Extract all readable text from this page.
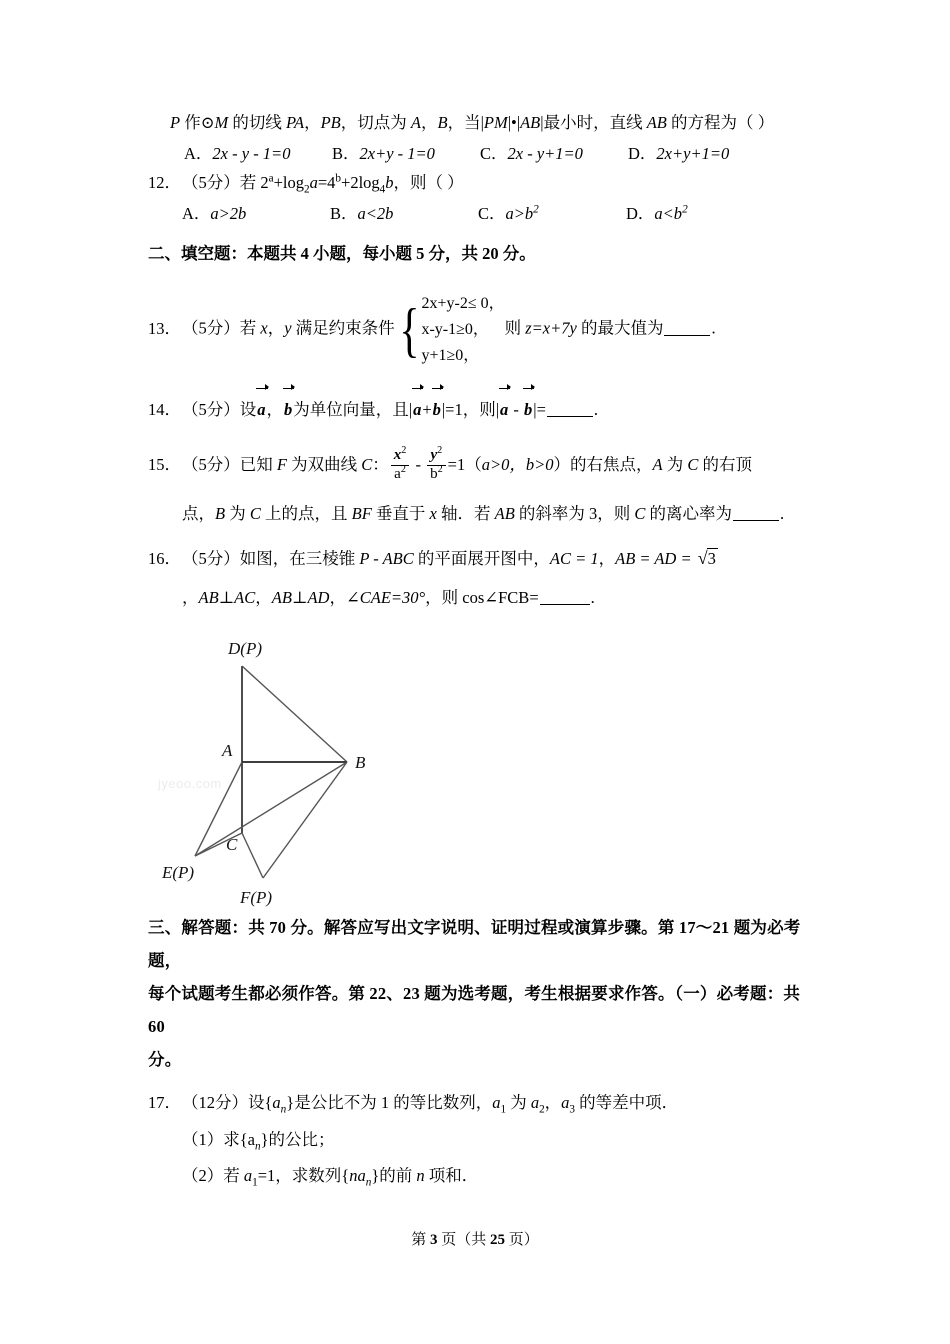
P 作⊙M 的切线 PA，PB，切点为 A，B，当|PM|•|AB|最小时，直线 AB 的方程为（ ）
A．2x - y - 1=0	B．2x+y - 1=0	C．2x - y+1=0	D．2x+y+1=0
12．（5分）若 $2^a+\log_2a=4^b+2\log_4b$，则（ ）
A．a>2b	B．a<2b	C．$a>b^2$	D．$a<b^2$
二、填空题：本题共 4 小题，每小题 5 分，共 20 分。
13．（5分）若 x，y 满足约束条件 { 2x+y-2≤ 0，
x-y-1≥0，
y+1≥0，
则 z=x+7y 的最大值为	.
14．（5分）设a，b为单位向量，且|a+b|=1，则|a - b|=	.
15．（5分）已知 F 为双曲线 C： $\frac{x^2}{a^2} - \frac{y^2}{b^2} =1(a>0$，b>0）的右焦点，A 为 C 的右顶
点，B 为 C 上的点，且 BF 垂直于 x 轴．若 AB 的斜率为 3，则 C 的离心率为	.
16．（5分）如图，在三棱锥 P - ABC 的平面展开图中，AC = 1，AB = AD = √3
，AB⊥AC，AB⊥AD，∠CAE=30°，则 cos∠FCB=	.
三、解答题：共 70 分。解答应写出文字说明、证明过程或演算步骤。第 17～21 题为必考题，
每个试题考生都必须作答。第 22、23 题为选考题，考生根据要求作答。（一）必考题：共 60
分。
17．（12分）设$\{a_n\}$是公比不为 1 的等比数列，$a_1$ 为 $a_2$，$a_3$ 的等差中项．
（1）求$\{a_n\}$的公比；
（2）若 $a_1=1$，求数列$\{na_n\}$的前 n 项和．
jyeoo.com
D(P)
A
B
C
E(P)
F(P)
第 3 页（共 25 页）
